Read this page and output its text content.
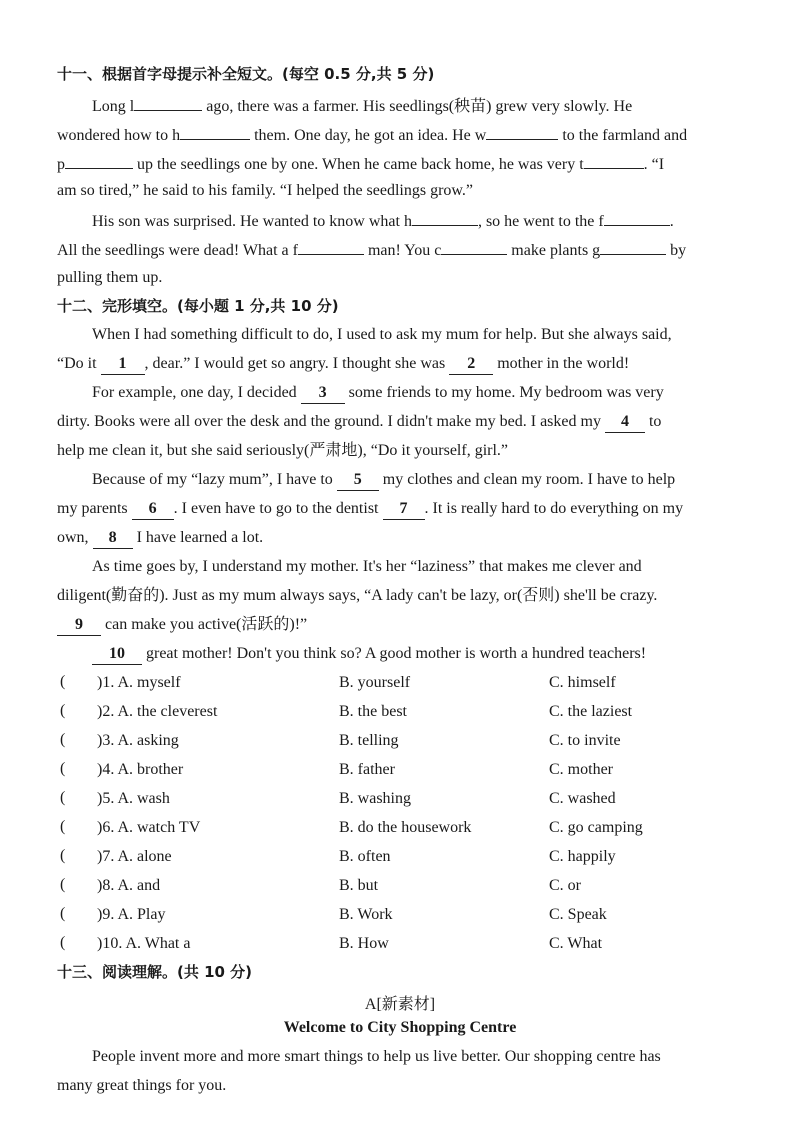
十一、根据首字母提示补全短文。(每空 0.5 分,共 5 分)
Long l	ago, there was a farmer. His seedlings(秧苗) grew very slowly. He
wondered how to h	them. One day, he got an idea. He w	to the farmland and
p	up the seedlings one by one. When he came back home, he was very t	. “I
am so tired,” he said to his family. “I helped the seedlings grow.”
His son was surprised. He wanted to know what h	, so he went to the f	.
All the seedlings were dead! What a f	man! You c	make plants g	by
pulling them up.
十二、完形填空。(每小题 1 分,共 10 分)
When I had something difficult to do, I used to ask my mum for help. But she always said,
“Do it 1 , dear.” I would get so angry. I thought she was 2 mother in the world!
For example, one day, I decided 3 some friends to my home. My bedroom was very
dirty. Books were all over the desk and the ground. I didn't make my bed. I asked my 4 to
help me clean it, but she said seriously(严肃地), “Do it yourself, girl.”
Because of my “lazy mum”, I have to 5 my clothes and clean my room. I have to help
my parents 6 . I even have to go to the dentist 7 . It is really hard to do everything on my
own, 8 I have learned a lot.
As time goes by, I understand my mother. It's her “laziness” that makes me clever and
diligent(勤奋的). Just as my mum always says, “A lady can't be lazy, or(否则) she'll be crazy.
9 can make you active(活跃的)!”
10 great mother! Don't you think so? A good mother is worth a hundred teachers!
( )1. A. myself	B. yourself	C. himself
( )2. A. the cleverest	B. the best	C. the laziest
( )3. A. asking	B. telling	C. to invite
( )4. A. brother	B. father	C. mother
( )5. A. wash	B. washing	C. washed
( )6. A. watch TV	B. do the housework	C. go camping
( )7. A. alone	B. often	C. happily
( )8. A. and	B. but	C. or
( )9. A. Play	B. Work	C. Speak
( )10. A. What a	B. How	C. What
十三、阅读理解。(共 10 分)
A[新素材]
Welcome to City Shopping Centre
People invent more and more smart things to help us live better. Our shopping centre has
many great things for you.
